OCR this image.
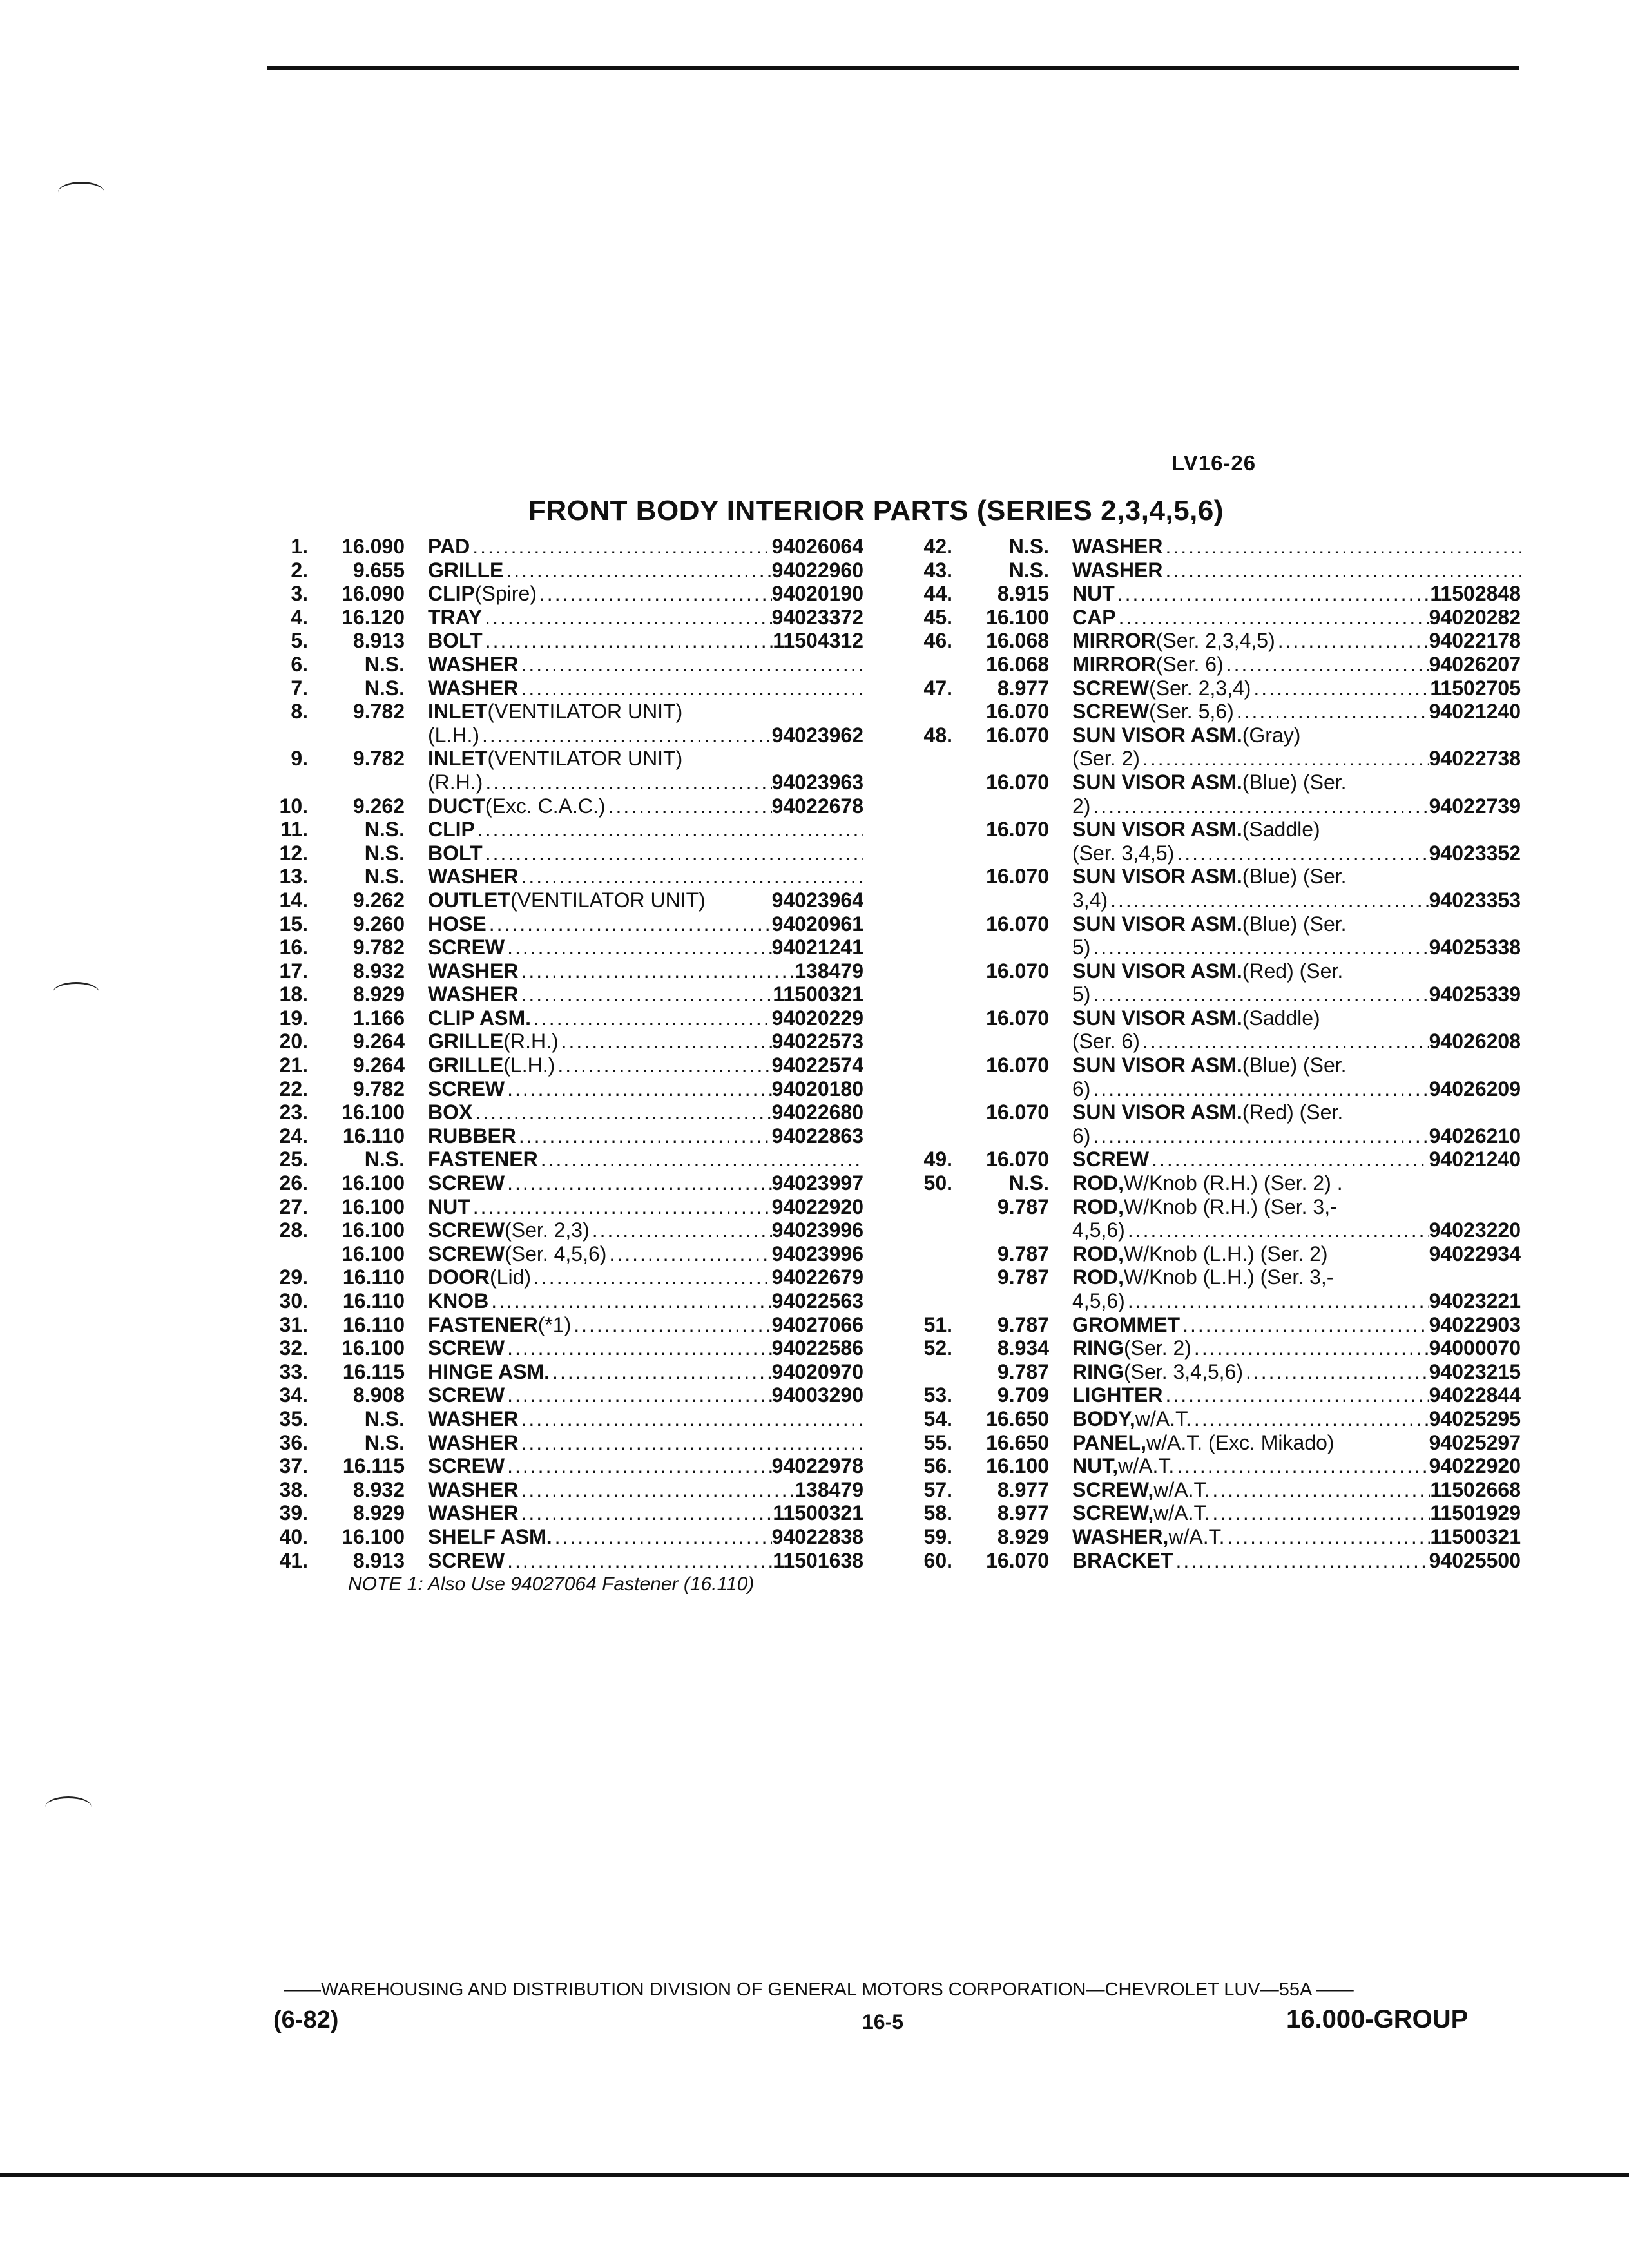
LV16-26
FRONT BODY INTERIOR PARTS (SERIES 2,3,4,5,6)
1.	16.090 PAD .....	94026064
2.	9.655 GRILLE .....	94022960
3.	16.090 CLIP (Spire) .....	94020190
4.	16.120 TRAY .....	94023372
5.	8.913 BOLT .....	11504312
6.	N.S. WASHER
.....
7.	N.S. WASHER
.....
8.	9.782 INLET (VENTILATOR UNIT)
(L.H.) .....	94023962
9.	9.782 INLET (VENTILATOR UNIT)
(R.H.) .....	94023963
10.	9.262 DUCT (Exc. C.A.C.) .....	94022678
11.	N.S. CLIP
.....
12.	N.S. BOLT
.....
13.	N.S. WASHER
.....
14.	9.262 OUTLET (VENTILATOR UNIT)	94023964
15.	9.260 HOSE .....	94020961
16.	9.782 SCREW .....	94021241
17.	8.932 WASHER .....	138479
18.	8.929 WASHER .....	11500321
19.	1.166 CLIP ASM. .....	94020229
20.	9.264 GRILLE (R.H.) .....	94022573
21.	9.264 GRILLE (L.H.) .....	94022574
22.	9.782 SCREW .....	94020180
23.	16.100 BOX .....	94022680
24.	16.110 RUBBER .....	94022863
25.	N.S. FASTENER
.....
26.	16.100 SCREW .....	94023997
27.	16.100 NUT .....	94022920
28.	16.100 SCREW (Ser. 2,3) .....	94023996
16.100 SCREW (Ser. 4,5,6) .....	94023996
29.	16.110 DOOR (Lid) .....	94022679
30.	16.110 KNOB .....	94022563
31.	16.110 FASTENER (*1) .....	94027066
32.	16.100 SCREW .....	94022586
33.	16.115 HINGE ASM. .....	94020970
34.	8.908 SCREW .....	94003290
35.	N.S. WASHER
.....
36.	N.S. WASHER
.....
37.	16.115 SCREW .....	94022978
38.	8.932 WASHER .....	138479
39.	8.929 WASHER .....	11500321
40.	16.100 SHELF ASM. .....	94022838
41.	8.913 SCREW .....	11501638
NOTE 1: Also Use 94027064 Fastener (16.110)
42.	N.S. WASHER
.....
43.	N.S. WASHER
.....
44.	8.915 NUT .....	11502848
45.	16.100 CAP .....	94020282
46.	16.068 MIRROR (Ser. 2,3,4,5) .....	94022178
16.068 MIRROR (Ser. 6) .....	94026207
47.	8.977 SCREW (Ser. 2,3,4) .....	11502705
16.070 SCREW (Ser. 5,6) .....	94021240
48.	16.070 SUN VISOR ASM. (Gray)
(Ser. 2) .....	94022738
16.070 SUN VISOR ASM. (Blue) (Ser.
2) .....	94022739
16.070 SUN VISOR ASM. (Saddle)
(Ser. 3,4,5) .....	94023352
16.070 SUN VISOR ASM. (Blue) (Ser.
3,4) .....	94023353
16.070 SUN VISOR ASM. (Blue) (Ser.
5) .....	94025338
16.070 SUN VISOR ASM. (Red) (Ser.
5) .....	94025339
16.070 SUN VISOR ASM. (Saddle)
(Ser. 6) .....	94026208
16.070 SUN VISOR ASM. (Blue) (Ser.
6) .....	94026209
16.070 SUN VISOR ASM. (Red) (Ser.
6) .....	94026210
49.	16.070 SCREW .....	94021240
50.	N.S. ROD, W/Knob (R.H.) (Ser. 2) .
9.787 ROD, W/Knob (R.H.) (Ser. 3,-
4,5,6) .....	94023220
9.787 ROD, W/Knob (L.H.) (Ser. 2)	94022934
9.787 ROD, W/Knob (L.H.) (Ser. 3,-
4,5,6) .....	94023221
51.	9.787 GROMMET .....	94022903
52.	8.934 RING (Ser. 2) .....	94000070
9.787 RING (Ser. 3,4,5,6) .....	94023215
53.	9.709 LIGHTER .....	94022844
54.	16.650 BODY, w/A.T. .....	94025295
55.	16.650 PANEL, w/A.T. (Exc. Mikado)	94025297
56.	16.100 NUT, w/A.T. .....	94022920
57.	8.977 SCREW, w/A.T. .....	11502668
58.	8.977 SCREW, w/A.T. .....	11501929
59.	8.929 WASHER, w/A.T. .....	11500321
60.	16.070 BRACKET .....	94025500
——WAREHOUSING AND DISTRIBUTION DIVISION OF GENERAL MOTORS CORPORATION—CHEVROLET LUV—55A ——
(6-82)	16-5	16.000-GROUP
